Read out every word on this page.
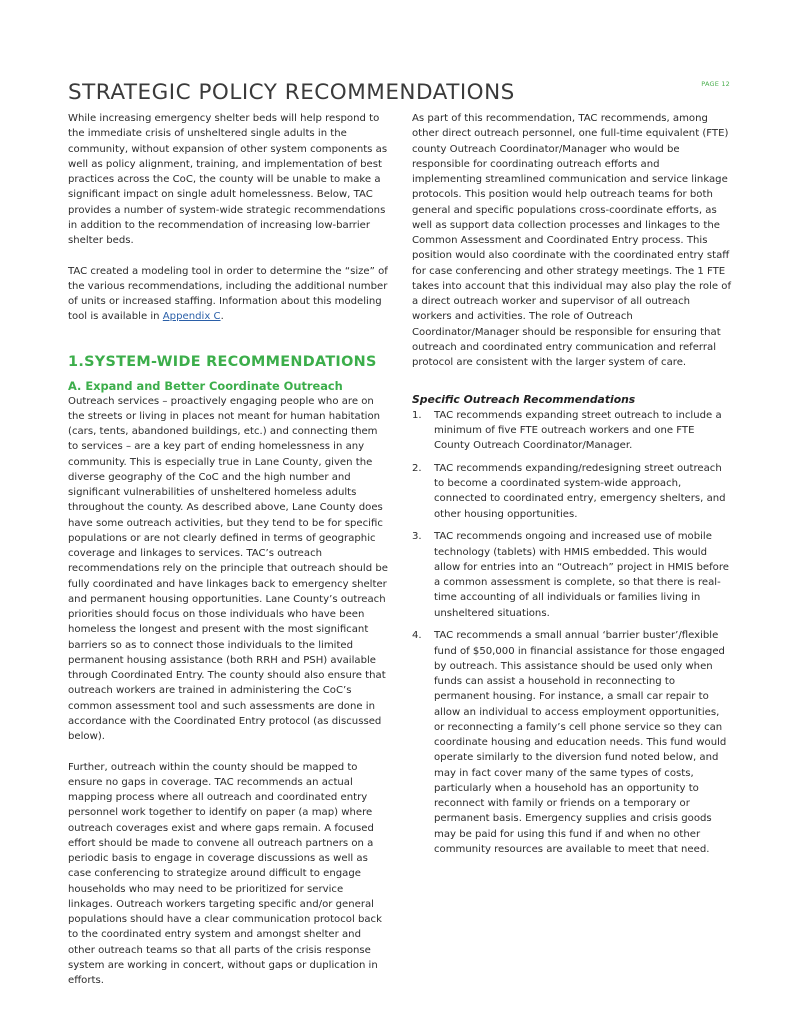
PAGE 12
STRATEGIC POLICY RECOMMENDATIONS

While increasing emergency shelter beds will help respond to the immediate crisis of unsheltered single adults in the community, without expansion of other system components as well as policy alignment, training, and implementation of best practices across the CoC, the county will be unable to make a significant impact on single adult homelessness. Below, TAC provides a number of system-wide strategic recommendations in addition to the recommendation of increasing low-barrier shelter beds.

TAC created a modeling tool in order to determine the “size” of the various recommendations, including the additional number of units or increased staffing. Information about this modeling tool is available in Appendix C.

1.SYSTEM-WIDE RECOMMENDATIONS
A. Expand and Better Coordinate Outreach

Outreach services – proactively engaging people who are on the streets or living in places not meant for human habitation (cars, tents, abandoned buildings, etc.) and connecting them to services – are a key part of ending homelessness in any community. This is especially true in Lane County, given the diverse geography of the CoC and the high number and significant vulnerabilities of unsheltered homeless adults throughout the county. As described above, Lane County does have some outreach activities, but they tend to be for specific populations or are not clearly defined in terms of geographic coverage and linkages to services. TAC’s outreach recommendations rely on the principle that outreach should be fully coordinated and have linkages back to emergency shelter and permanent housing opportunities. Lane County’s outreach priorities should focus on those individuals who have been homeless the longest and present with the most significant barriers so as to connect those individuals to the limited permanent housing assistance (both RRH and PSH) available through Coordinated Entry. The county should also ensure that outreach workers are trained in administering the CoC’s common assessment tool and such assessments are done in accordance with the Coordinated Entry protocol (as discussed below).

Further, outreach within the county should be mapped to ensure no gaps in coverage. TAC recommends an actual mapping process where all outreach and coordinated entry personnel work together to identify on paper (a map) where outreach coverages exist and where gaps remain. A focused effort should be made to convene all outreach partners on a periodic basis to engage in coverage discussions as well as case conferencing to strategize around difficult to engage households who may need to be prioritized for service linkages. Outreach workers targeting specific and/or general populations should have a clear communication protocol back to the coordinated entry system and amongst shelter and other outreach teams so that all parts of the crisis response system are working in concert, without gaps or duplication in efforts.

As part of this recommendation, TAC recommends, among other direct outreach personnel, one full-time equivalent (FTE) county Outreach Coordinator/Manager who would be responsible for coordinating outreach efforts and implementing streamlined communication and service linkage protocols. This position would help outreach teams for both general and specific populations cross-coordinate efforts, as well as support data collection processes and linkages to the Common Assessment and Coordinated Entry process. This position would also coordinate with the coordinated entry staff for case conferencing and other strategy meetings. The 1 FTE takes into account that this individual may also play the role of a direct outreach worker and supervisor of all outreach workers and activities. The role of Outreach Coordinator/Manager should be responsible for ensuring that outreach and coordinated entry communication and referral protocol are consistent with the larger system of care.

Specific Outreach Recommendations

1.	TAC recommends expanding street outreach to include a minimum of five FTE outreach workers and one FTE County Outreach Coordinator/Manager.
2.	TAC recommends expanding/redesigning street outreach to become a coordinated system-wide approach, connected to coordinated entry, emergency shelters, and other housing opportunities.
3.	TAC recommends ongoing and increased use of mobile technology (tablets) with HMIS embedded. This would allow for entries into an “Outreach” project in HMIS before a common assessment is complete, so that there is real-time accounting of all individuals or families living in unsheltered situations.
4.	TAC recommends a small annual ‘barrier buster’/flexible fund of $50,000 in financial assistance for those engaged by outreach. This assistance should be used only when funds can assist a household in reconnecting to permanent housing. For instance, a small car repair to allow an individual to access employment opportunities, or reconnecting a family’s cell phone service so they can coordinate housing and education needs. This fund would operate similarly to the diversion fund noted below, and may in fact cover many of the same types of costs, particularly when a household has an opportunity to reconnect with family or friends on a temporary or permanent basis. Emergency supplies and crisis goods may be paid for using this fund if and when no other community resources are available to meet that need.
